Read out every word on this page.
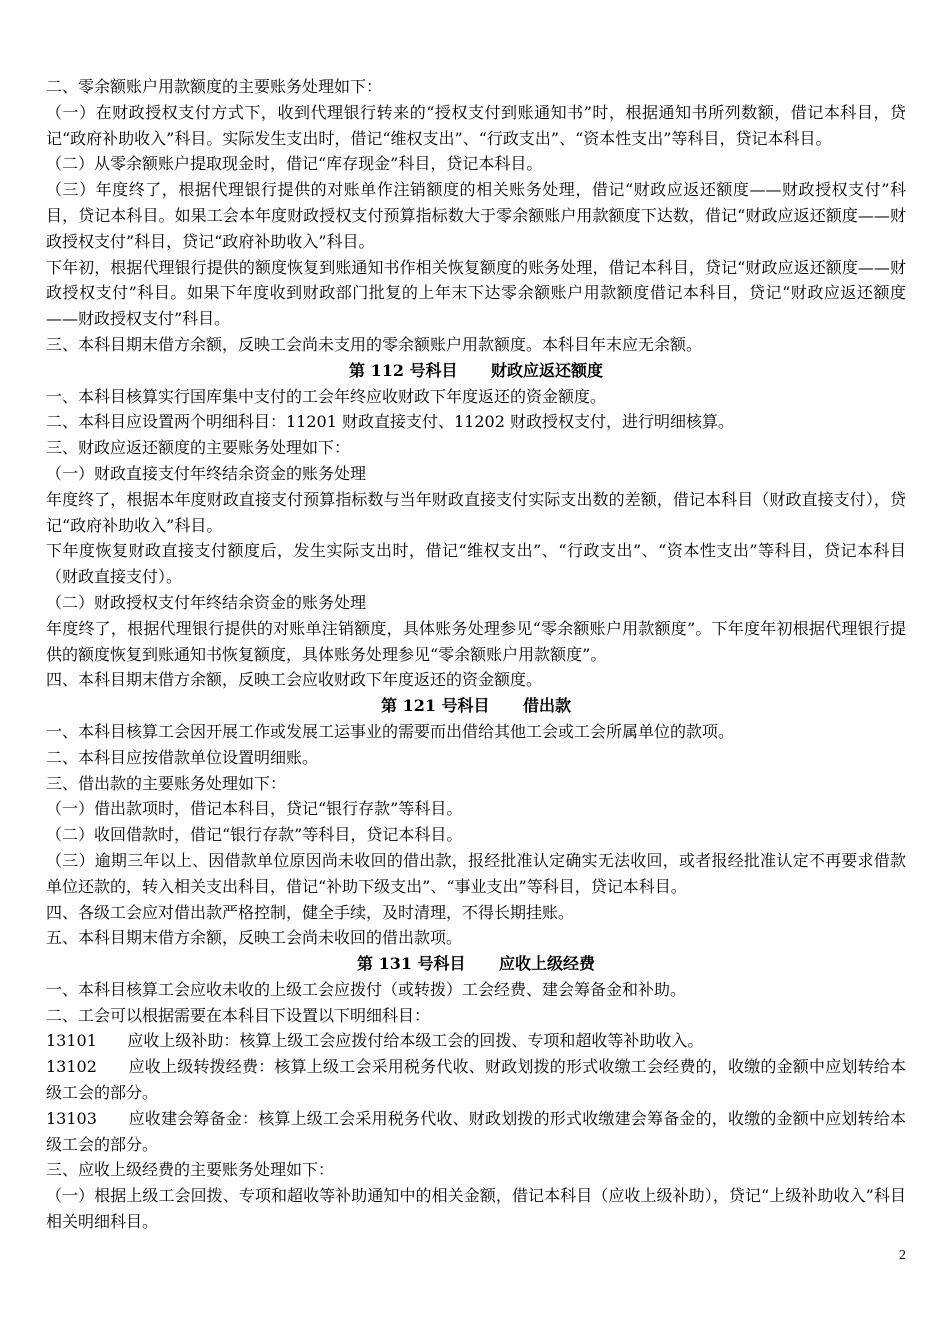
二、零余额账户用款额度的主要账务处理如下：

（一）在财政授权支付方式下，收到代理银行转来的“授权支付到账通知书”时，根据通知书所列数额，借记本科目，贷记“政府补助收入”科目。实际发生支出时，借记“维权支出”、“行政支出”、“资本性支出”等科目，贷记本科目。

（二）从零余额账户提取现金时，借记“库存现金”科目，贷记本科目。

（三）年度终了，根据代理银行提供的对账单作注销额度的相关账务处理，借记“财政应返还额度——财政授权支付”科目，贷记本科目。如果工会本年度财政授权支付预算指标数大于零余额账户用款额度下达数，借记“财政应返还额度——财政授权支付”科目，贷记“政府补助收入”科目。

下年初，根据代理银行提供的额度恢复到账通知书作相关恢复额度的账务处理，借记本科目，贷记“财政应返还额度——财政授权支付”科目。如果下年度收到财政部门批复的上年末下达零余额账户用款额度借记本科目，贷记“财政应返还额度——财政授权支付”科目。

三、本科目期末借方余额，反映工会尚未支用的零余额账户用款额度。本科目年末应无余额。

第 112 号科目      财政应返还额度

一、本科目核算实行国库集中支付的工会年终应收财政下年度返还的资金额度。

二、本科目应设置两个明细科目：11201 财政直接支付、11202 财政授权支付，进行明细核算。

三、财政应返还额度的主要账务处理如下：

（一）财政直接支付年终结余资金的账务处理

年度终了，根据本年度财政直接支付预算指标数与当年财政直接支付实际支出数的差额，借记本科目（财政直接支付），贷记“政府补助收入”科目。

下年度恢复财政直接支付额度后，发生实际支出时，借记“维权支出”、“行政支出”、“资本性支出”等科目，贷记本科目（财政直接支付）。

（二）财政授权支付年终结余资金的账务处理

年度终了，根据代理银行提供的对账单注销额度，具体账务处理参见“零余额账户用款额度”。下年度年初根据代理银行提供的额度恢复到账通知书恢复额度，具体账务处理参见“零余额账户用款额度”。

四、本科目期末借方余额，反映工会应收财政下年度返还的资金额度。

第 121 号科目      借出款

一、本科目核算工会因开展工作或发展工运事业的需要而出借给其他工会或工会所属单位的款项。

二、本科目应按借款单位设置明细账。

三、借出款的主要账务处理如下：

（一）借出款项时，借记本科目，贷记“银行存款”等科目。

（二）收回借款时，借记“银行存款”等科目，贷记本科目。

（三）逾期三年以上、因借款单位原因尚未收回的借出款，报经批准认定确实无法收回，或者报经批准认定不再要求借款单位还款的，转入相关支出科目，借记“补助下级支出”、“事业支出”等科目，贷记本科目。

四、各级工会应对借出款严格控制，健全手续，及时清理，不得长期挂账。

五、本科目期末借方余额，反映工会尚未收回的借出款项。

第 131 号科目      应收上级经费

一、本科目核算工会应收未收的上级工会应拨付（或转拨）工会经费、建会筹备金和补助。

二、工会可以根据需要在本科目下设置以下明细科目：

13101      应收上级补助：核算上级工会应拨付给本级工会的回拨、专项和超收等补助收入。

13102      应收上级转拨经费：核算上级工会采用税务代收、财政划拨的形式收缴工会经费的，收缴的金额中应划转给本级工会的部分。

13103      应收建会筹备金：核算上级工会采用税务代收、财政划拨的形式收缴建会筹备金的，收缴的金额中应划转给本级工会的部分。

三、应收上级经费的主要账务处理如下：

（一）根据上级工会回拨、专项和超收等补助通知中的相关金额，借记本科目（应收上级补助），贷记“上级补助收入”科目相关明细科目。

2
